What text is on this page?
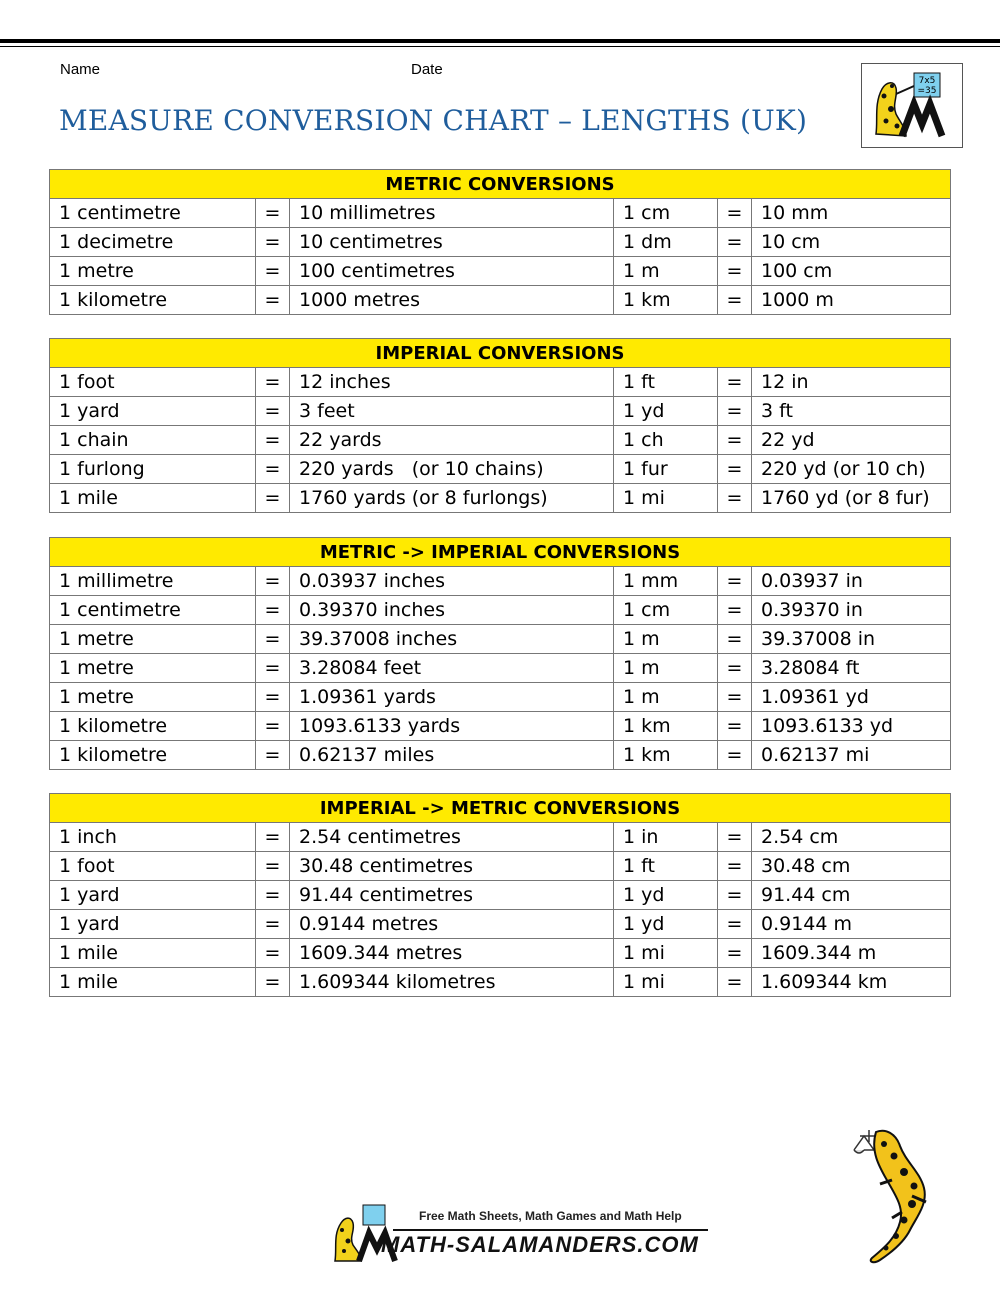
Name	Date
MEASURE CONVERSION CHART – LENGTHS (UK)
7x5
=35
METRIC CONVERSIONS					
1 centimetre	=	10 millimetres	1 cm	=	10 mm
1 decimetre	=	10 centimetres	1 dm	=	10 cm
1 metre	=	100 centimetres	1 m	=	100 cm
1 kilometre	=	1000 metres	1 km	=	1000 m
IMPERIAL CONVERSIONS					
1 foot	=	12 inches	1 ft	=	12 in
1 yard	=	3 feet	1 yd	=	3 ft
1 chain	=	22 yards	1 ch	=	22 yd
1 furlong	=	220 yards   (or 10 chains)	1 fur	=	220 yd (or 10 ch)
1 mile	=	1760 yards (or 8 furlongs)	1 mi	=	1760 yd (or 8 fur)
METRIC -> IMPERIAL CONVERSIONS					
1 millimetre	=	0.03937 inches	1 mm	=	0.03937 in
1 centimetre	=	0.39370 inches	1 cm	=	0.39370 in
1 metre	=	39.37008 inches	1 m	=	39.37008 in
1 metre	=	3.28084 feet	1 m	=	3.28084 ft
1 metre	=	1.09361 yards	1 m	=	1.09361 yd
1 kilometre	=	1093.6133 yards	1 km	=	1093.6133 yd
1 kilometre	=	0.62137 miles	1 km	=	0.62137 mi
IMPERIAL -> METRIC CONVERSIONS					
1 inch	=	2.54 centimetres	1 in	=	2.54 cm
1 foot	=	30.48 centimetres	1 ft	=	30.48 cm
1 yard	=	91.44 centimetres	1 yd	=	91.44 cm
1 yard	=	0.9144 metres	1 yd	=	0.9144 m
1 mile	=	1609.344 metres	1 mi	=	1609.344 m
1 mile	=	1.609344 kilometres	1 mi	=	1.609344 km
Free Math Sheets, Math Games and Math Help
MATH-SALAMANDERS.COM
